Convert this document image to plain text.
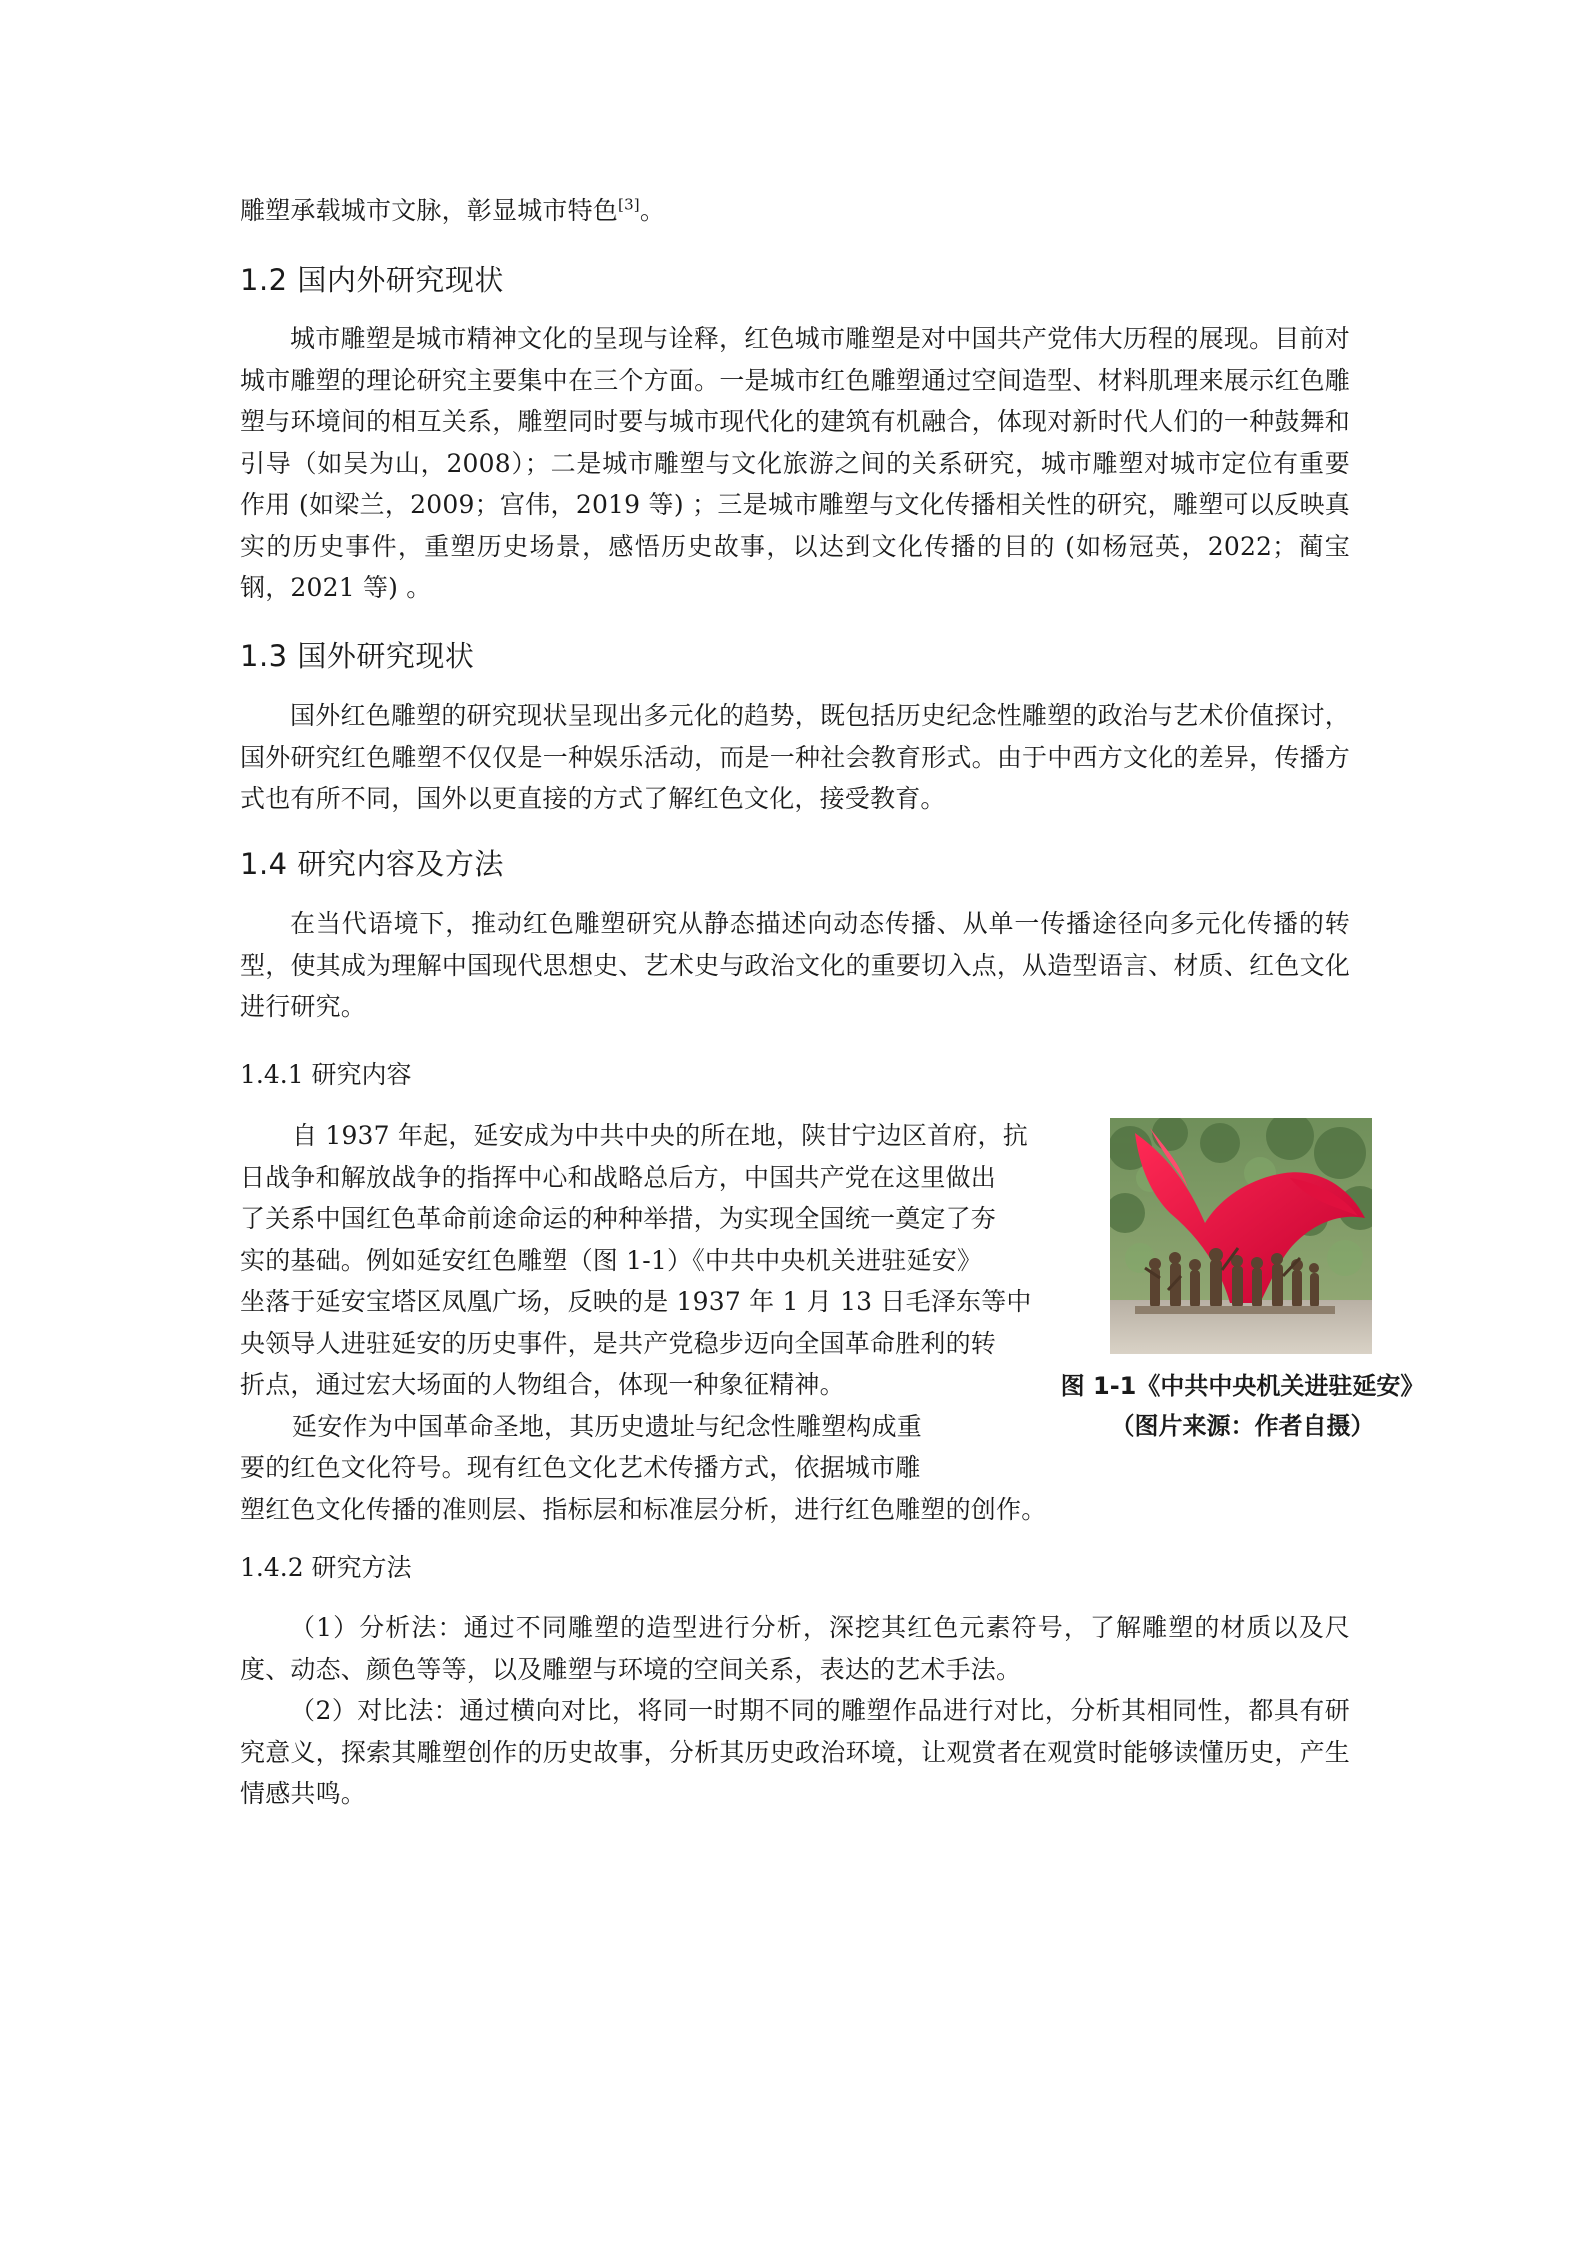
雕塑承载城市文脉，彰显城市特色[3]。

1.2 国内外研究现状

城市雕塑是城市精神文化的呈现与诠释，红色城市雕塑是对中国共产党伟大历程的展现。目前对城市雕塑的理论研究主要集中在三个方面。一是城市红色雕塑通过空间造型、材料肌理来展示红色雕塑与环境间的相互关系，雕塑同时要与城市现代化的建筑有机融合，体现对新时代人们的一种鼓舞和引导（如吴为山，2008）；二是城市雕塑与文化旅游之间的关系研究，城市雕塑对城市定位有重要作用 (如梁兰，2009；宫伟，2019 等) ；三是城市雕塑与文化传播相关性的研究，雕塑可以反映真实的历史事件，重塑历史场景，感悟历史故事，以达到文化传播的目的 (如杨冠英，2022；蔺宝钢，2021 等) 。

1.3 国外研究现状

国外红色雕塑的研究现状呈现出多元化的趋势，既包括历史纪念性雕塑的政治与艺术价值探讨，国外研究红色雕塑不仅仅是一种娱乐活动，而是一种社会教育形式。由于中西方文化的差异，传播方式也有所不同，国外以更直接的方式了解红色文化，接受教育。

1.4 研究内容及方法

在当代语境下，推动红色雕塑研究从静态描述向动态传播、从单一传播途径向多元化传播的转型，使其成为理解中国现代思想史、艺术史与政治文化的重要切入点，从造型语言、材质、红色文化进行研究。

1.4.1 研究内容

自 1937 年起，延安成为中共中央的所在地，陕甘宁边区首府，抗

日战争和解放战争的指挥中心和战略总后方，中国共产党在这里做出

了关系中国红色革命前途命运的种种举措，为实现全国统一奠定了夯

实的基础。例如延安红色雕塑（图 1-1）《中共中央机关进驻延安》

坐落于延安宝塔区凤凰广场，反映的是 1937 年 1 月 13 日毛泽东等中

央领导人进驻延安的历史事件，是共产党稳步迈向全国革命胜利的转

折点，通过宏大场面的人物组合，体现一种象征精神。

延安作为中国革命圣地，其历史遗址与纪念性雕塑构成重

要的红色文化符号。现有红色文化艺术传播方式，依据城市雕

塑红色文化传播的准则层、指标层和标准层分析，进行红色雕塑的创作。

图 1-1《中共中央机关进驻延安》
（图片来源：作者自摄）
1.4.2 研究方法

（1）分析法：通过不同雕塑的造型进行分析，深挖其红色元素符号，了解雕塑的材质以及尺度、动态、颜色等等，以及雕塑与环境的空间关系，表达的艺术手法。

（2）对比法：通过横向对比，将同一时期不同的雕塑作品进行对比，分析其相同性，都具有研究意义，探索其雕塑创作的历史故事，分析其历史政治环境，让观赏者在观赏时能够读懂历史，产生情感共鸣。
